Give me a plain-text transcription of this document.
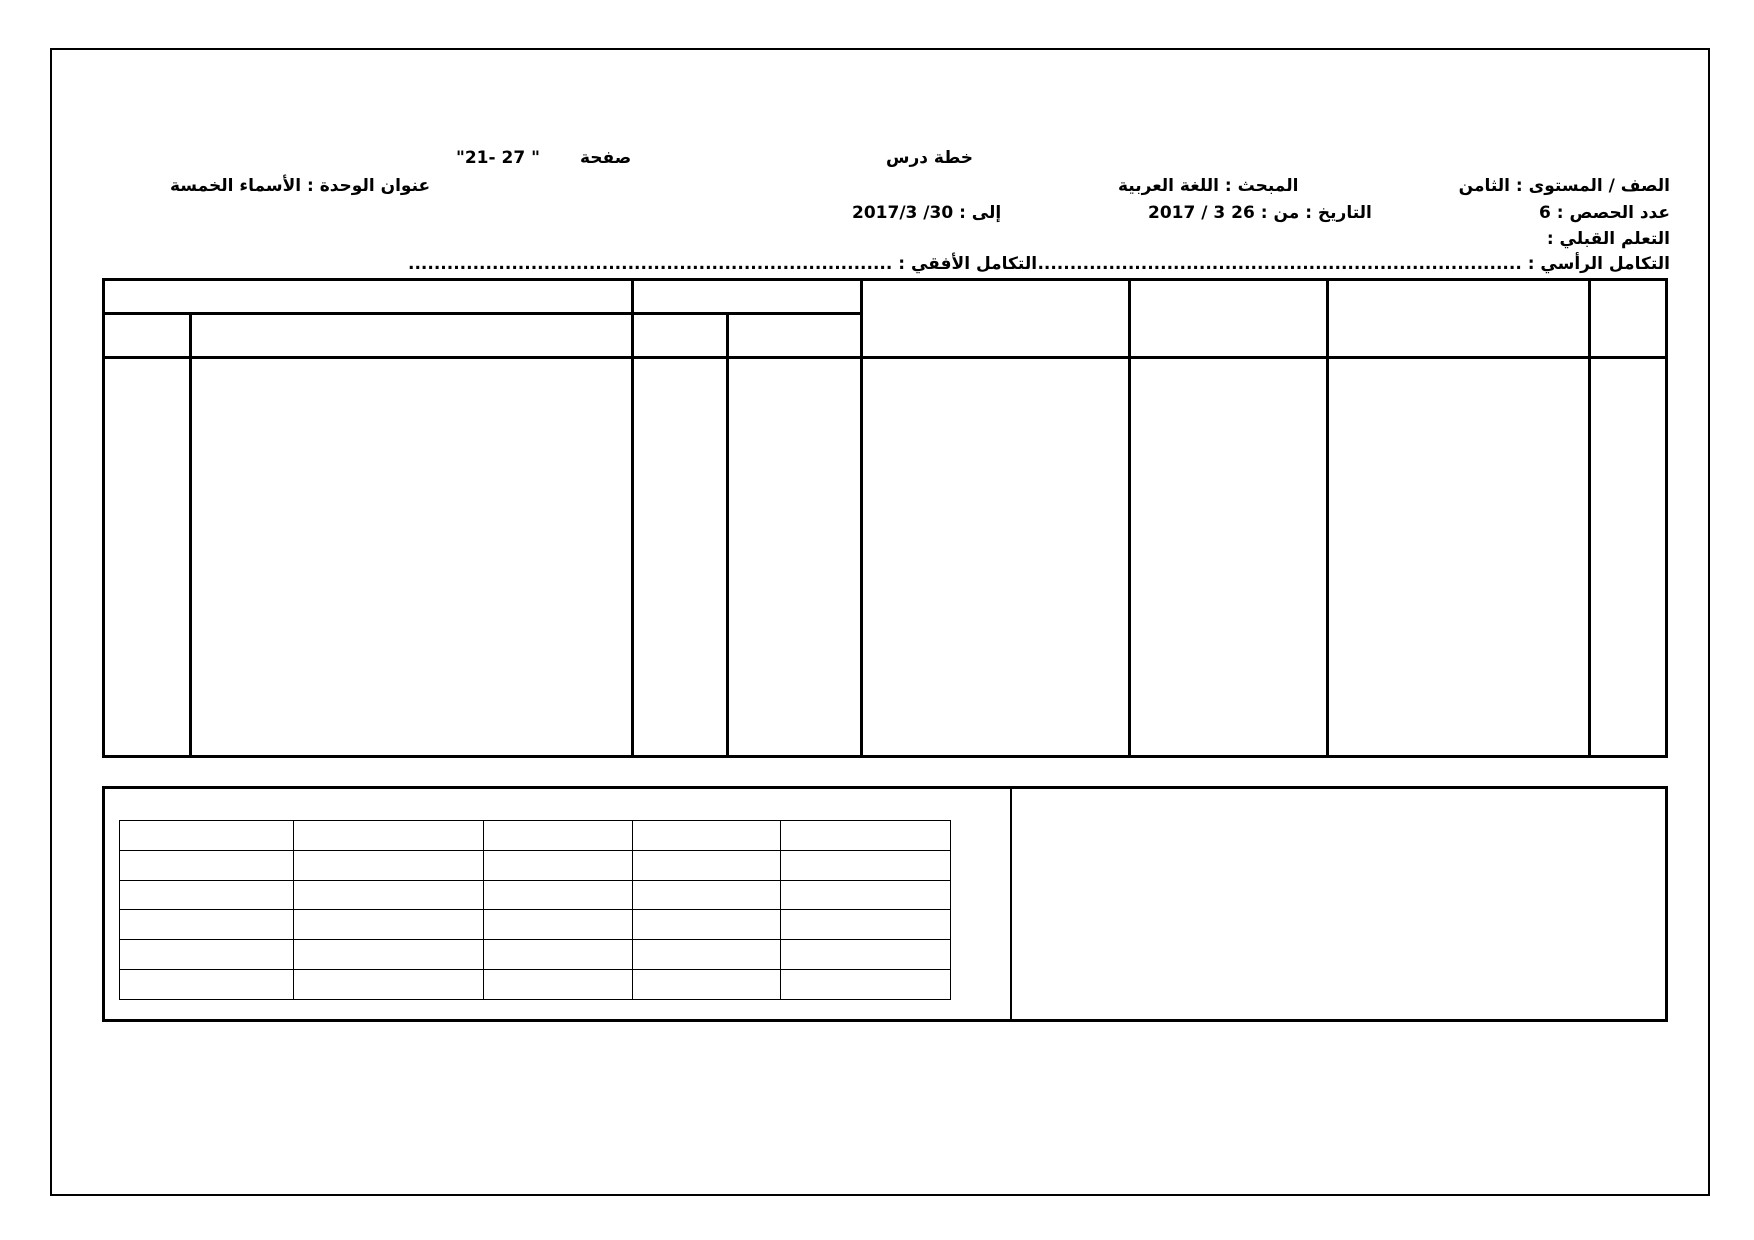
خطة درس
صفحة
"21- 27 "
الصف / المستوى : الثامن
المبحث : اللغة العربية
عنوان الوحدة : الأسماء الخمسة
عدد الحصص : 6
التاريخ : من : 26 3 / 2017
إلى : 30/ 2017/3
التعلم القبلي :
التكامل الرأسي : ...........................................................................
التكامل الأفقي : ...........................................................................
